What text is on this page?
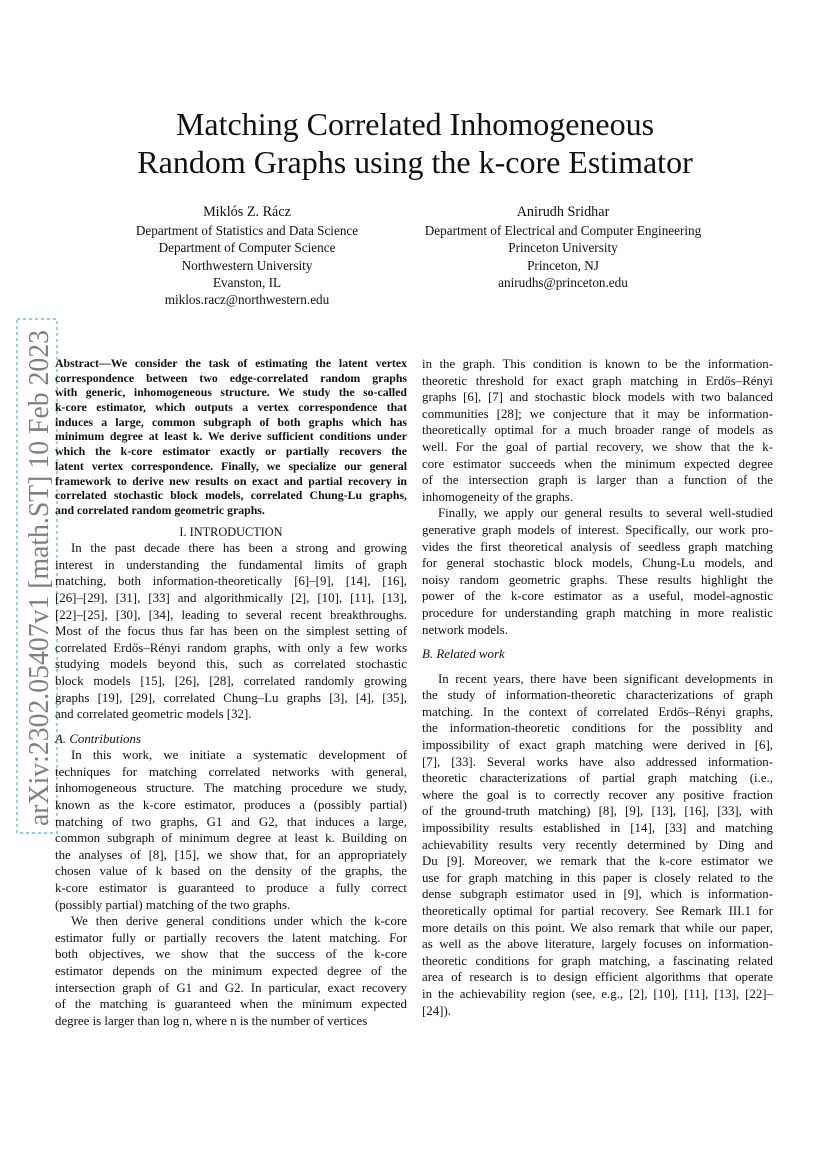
arXiv:2302.05407v1 [math.ST] 10 Feb 2023
Matching Correlated Inhomogeneous
Random Graphs using the k-core Estimator
Miklós Z. Rácz
Department of Statistics and Data Science
Department of Computer Science
Northwestern University
Evanston, IL
miklos.racz@northwestern.edu
Anirudh Sridhar
Department of Electrical and Computer Engineering
Princeton University
Princeton, NJ
anirudhs@princeton.edu
Abstract—We consider the task of estimating the latent vertex
correspondence between two edge-correlated random graphs
with generic, inhomogeneous structure. We study the so-called
k-core estimator, which outputs a vertex correspondence that
induces a large, common subgraph of both graphs which has
minimum degree at least k. We derive sufficient conditions under
which the k-core estimator exactly or partially recovers the
latent vertex correspondence. Finally, we specialize our general
framework to derive new results on exact and partial recovery in
correlated stochastic block models, correlated Chung-Lu graphs,
and correlated random geometric graphs.
I. INTRODUCTION
In the past decade there has been a strong and growing
interest in understanding the fundamental limits of graph
matching, both information-theoretically [6]–[9], [14], [16],
[26]–[29], [31], [33] and algorithmically [2], [10], [11], [13],
[22]–[25], [30], [34], leading to several recent breakthroughs.
Most of the focus thus far has been on the simplest setting of
correlated Erdős–Rényi random graphs, with only a few works
studying models beyond this, such as correlated stochastic
block models [15], [26], [28], correlated randomly growing
graphs [19], [29], correlated Chung–Lu graphs [3], [4], [35],
and correlated geometric models [32].
A. Contributions
In this work, we initiate a systematic development of
techniques for matching correlated networks with general,
inhomogeneous structure. The matching procedure we study,
known as the k-core estimator, produces a (possibly partial)
matching of two graphs, G1 and G2, that induces a large,
common subgraph of minimum degree at least k. Building on
the analyses of [8], [15], we show that, for an appropriately
chosen value of k based on the density of the graphs, the
k-core estimator is guaranteed to produce a fully correct
(possibly partial) matching of the two graphs.
We then derive general conditions under which the k-core
estimator fully or partially recovers the latent matching. For
both objectives, we show that the success of the k-core
estimator depends on the minimum expected degree of the
intersection graph of G1 and G2. In particular, exact recovery
of the matching is guaranteed when the minimum expected
degree is larger than log n, where n is the number of vertices
in the graph. This condition is known to be the information-
theoretic threshold for exact graph matching in Erdős–Rényi
graphs [6], [7] and stochastic block models with two balanced
communities [28]; we conjecture that it may be information-
theoretically optimal for a much broader range of models as
well. For the goal of partial recovery, we show that the k-
core estimator succeeds when the minimum expected degree
of the intersection graph is larger than a function of the
inhomogeneity of the graphs.
Finally, we apply our general results to several well-studied
generative graph models of interest. Specifically, our work pro-
vides the first theoretical analysis of seedless graph matching
for general stochastic block models, Chung-Lu models, and
noisy random geometric graphs. These results highlight the
power of the k-core estimator as a useful, model-agnostic
procedure for understanding graph matching in more realistic
network models.
B. Related work
In recent years, there have been significant developments in
the study of information-theoretic characterizations of graph
matching. In the context of correlated Erdős–Rényi graphs,
the information-theoretic conditions for the possiblity and
impossibility of exact graph matching were derived in [6],
[7], [33]. Several works have also addressed information-
theoretic characterizations of partial graph matching (i.e.,
where the goal is to correctly recover any positive fraction
of the ground-truth matching) [8], [9], [13], [16], [33], with
impossibility results established in [14], [33] and matching
achievability results very recently determined by Ding and
Du [9]. Moreover, we remark that the k-core estimator we
use for graph matching in this paper is closely related to the
dense subgraph estimator used in [9], which is information-
theoretically optimal for partial recovery. See Remark III.1 for
more details on this point. We also remark that while our paper,
as well as the above literature, largely focuses on information-
theoretic conditions for graph matching, a fascinating related
area of research is to design efficient algorithms that operate
in the achievability region (see, e.g., [2], [10], [11], [13], [22]–
[24]).
